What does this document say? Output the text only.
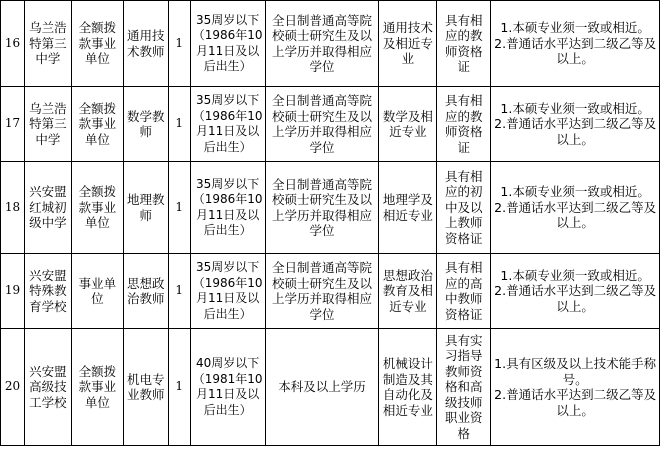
16	乌兰浩特第三中学	全额拨款事业单位	通用技术教师	1	35周岁以下（1986年10月11日及以后出生）	全日制普通高等院校硕士研究生及以上学历并取得相应学位	通用技术及相近专业	具有相应的教师资格证	1.本硕专业须一致或相近。
2.普通话水平达到二级乙等及以上。

17	乌兰浩特第三中学	全额拨款事业单位	数学教师	1	35周岁以下（1986年10月11日及以后出生）	全日制普通高等院校硕士研究生及以上学历并取得相应学位	数学及相近专业	具有相应的教师资格证	1.本硕专业须一致或相近。
2.普通话水平达到二级乙等及以上。

18	兴安盟红城初级中学	全额拨款事业单位	地理教师	1	35周岁以下（1986年10月11日及以后出生）	全日制普通高等院校硕士研究生及以上学历并取得相应学位	地理学及相近专业	具有相应的初中及以上教师资格证	1.本硕专业须一致或相近。
2.普通话水平达到二级乙等及以上。

19	兴安盟特殊教育学校	事业单位	思想政治教师	1	35周岁以下（1986年10月11日及以后出生）	全日制普通高等院校硕士研究生及以上学历并取得相应学位	思想政治教育及相近专业	具有相应的高中教师资格证	1.本硕专业须一致或相近。
2.普通话水平达到二级乙等及以上。

20	兴安盟高级技工学校	全额拨款事业单位	机电专业教师	1	40周岁以下（1981年10月11日及以后出生）	本科及以上学历	机械设计制造及其自动化及相近专业	具有实习指导教师资格和高级技师职业资格	1.具有区级及以上技术能手称号。
2.普通话水平达到二级乙等及以上。
